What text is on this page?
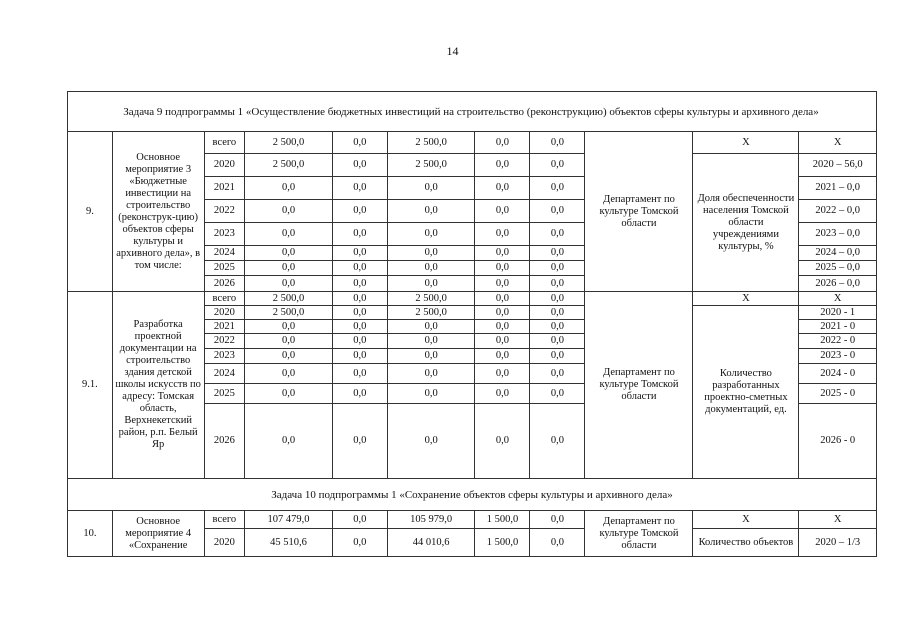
14
Задача 9 подпрограммы 1 «Осуществление бюджетных инвестиций на строительство (реконструкцию) объектов сферы культуры и архивного дела»										
9.	Основное мероприятие 3 «Бюджетные инвестиции на строительство (реконструк-цию) объектов сферы культуры и архивного дела», в том числе:	всего	2 500,0	0,0	2 500,0	0,0	0,0	Департамент по культуре Томской области	X	X
		2020	2 500,0	0,0	2 500,0	0,0	0,0		Доля обеспеченности населения Томской области учреждениями культуры, %	2020 – 56,0
		2021	0,0	0,0	0,0	0,0	0,0			2021 – 0,0
		2022	0,0	0,0	0,0	0,0	0,0			2022 – 0,0
		2023	0,0	0,0	0,0	0,0	0,0			2023 – 0,0
		2024	0,0	0,0	0,0	0,0	0,0			2024 – 0,0
		2025	0,0	0,0	0,0	0,0	0,0			2025 – 0,0
		2026	0,0	0,0	0,0	0,0	0,0			2026 – 0,0
9.1.	Разработка проектной документации на строительство здания детской школы искусств по адресу: Томская область, Верхнекетский район, р.п. Белый Яр	всего	2 500,0	0,0	2 500,0	0,0	0,0	Департамент по культуре Томской области	X	X
		2020	2 500,0	0,0	2 500,0	0,0	0,0		Количество разработанных проектно-сметных документаций, ед.	2020 - 1
		2021	0,0	0,0	0,0	0,0	0,0			2021 - 0
		2022	0,0	0,0	0,0	0,0	0,0			2022 - 0
		2023	0,0	0,0	0,0	0,0	0,0			2023 - 0
		2024	0,0	0,0	0,0	0,0	0,0			2024 - 0
		2025	0,0	0,0	0,0	0,0	0,0			2025 - 0
		2026	0,0	0,0	0,0	0,0	0,0			2026 - 0
Задача 10 подпрограммы 1 «Сохранение объектов сферы культуры и архивного дела»										
10.	Основное мероприятие 4 «Сохранение	всего	107 479,0	0,0	105 979,0	1 500,0	0,0	Департамент по культуре Томской области	X	X
		2020	45 510,6	0,0	44 010,6	1 500,0	0,0		Количество объектов	2020 – 1/3
